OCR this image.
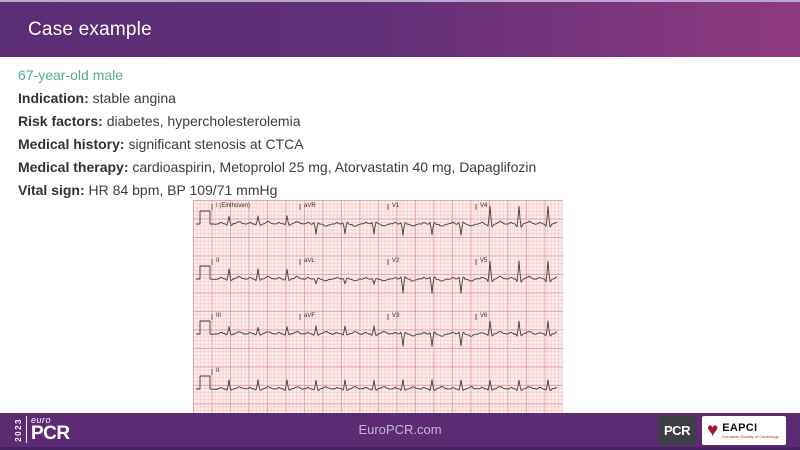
Case example
67-year-old male
Indication: stable angina
Risk factors: diabetes, hypercholesterolemia
Medical history: significant stenosis at CTCA
Medical therapy: cardioaspirin, Metoprolol 25 mg, Atorvastatin 40 mg, Dapaglifozin
Vital sign: HR 84 bpm, BP 109/71 mmHg
I (Einthoven)	aVR	V1	V4
II	aVL	V2	V5
III	aVF	V3	V6
II
2023 euro
PCR	EuroPCR.com	PCR ♥ EAPCI
European Society of Cardiology
